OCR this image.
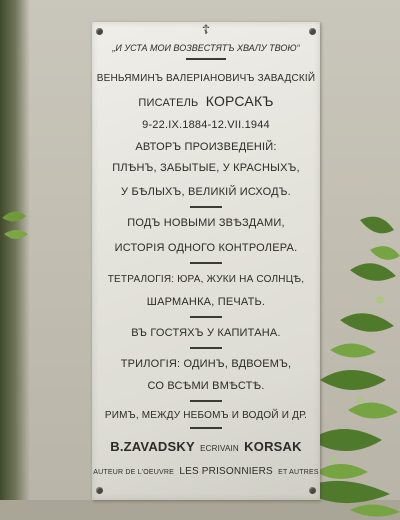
☦
„И УСТА МОИ ВОЗВЕСТЯТЪ ХВАЛУ ТВОЮ“
ВЕНЬЯМИНЪ ВАЛЕРІАНОВИЧЪ ЗАВАДСКІЙ
ПИСАТЕЛЬ КОРСАКЪ
9-22.IX.1884-12.VII.1944
АВТОРЪ ПРОИЗВЕДЕНІЙ:
ПЛѢНЪ, ЗАБЫТЫЕ, У КРАСНЫХЪ,
У БѢЛЫХЪ, ВЕЛИКІЙ ИСХОДЪ.
ПОДЪ НОВЫМИ ЗВѢЗДАМИ,
ИСТОРІЯ ОДНОГО КОНТРОЛЕРА.
ТЕТРАЛОГІЯ: ЮРА, ЖУКИ НА СОЛНЦѢ,
ШАРМАНКА, ПЕЧАТЬ.
ВЪ ГОСТЯХЪ У КАПИТАНА.
ТРИЛОГІЯ: ОДИНЪ, ВДВОЕМЪ,
СО ВСѢМИ ВМѢСТѢ.
РИМЪ, МЕЖДУ НЕБОМЪ И ВОДОЙ И ДР.
B.ZAVADSKY ECRIVAIN KORSAK
AUTEUR DE L'OEUVRE LES PRISONNIERS ET AUTRES
